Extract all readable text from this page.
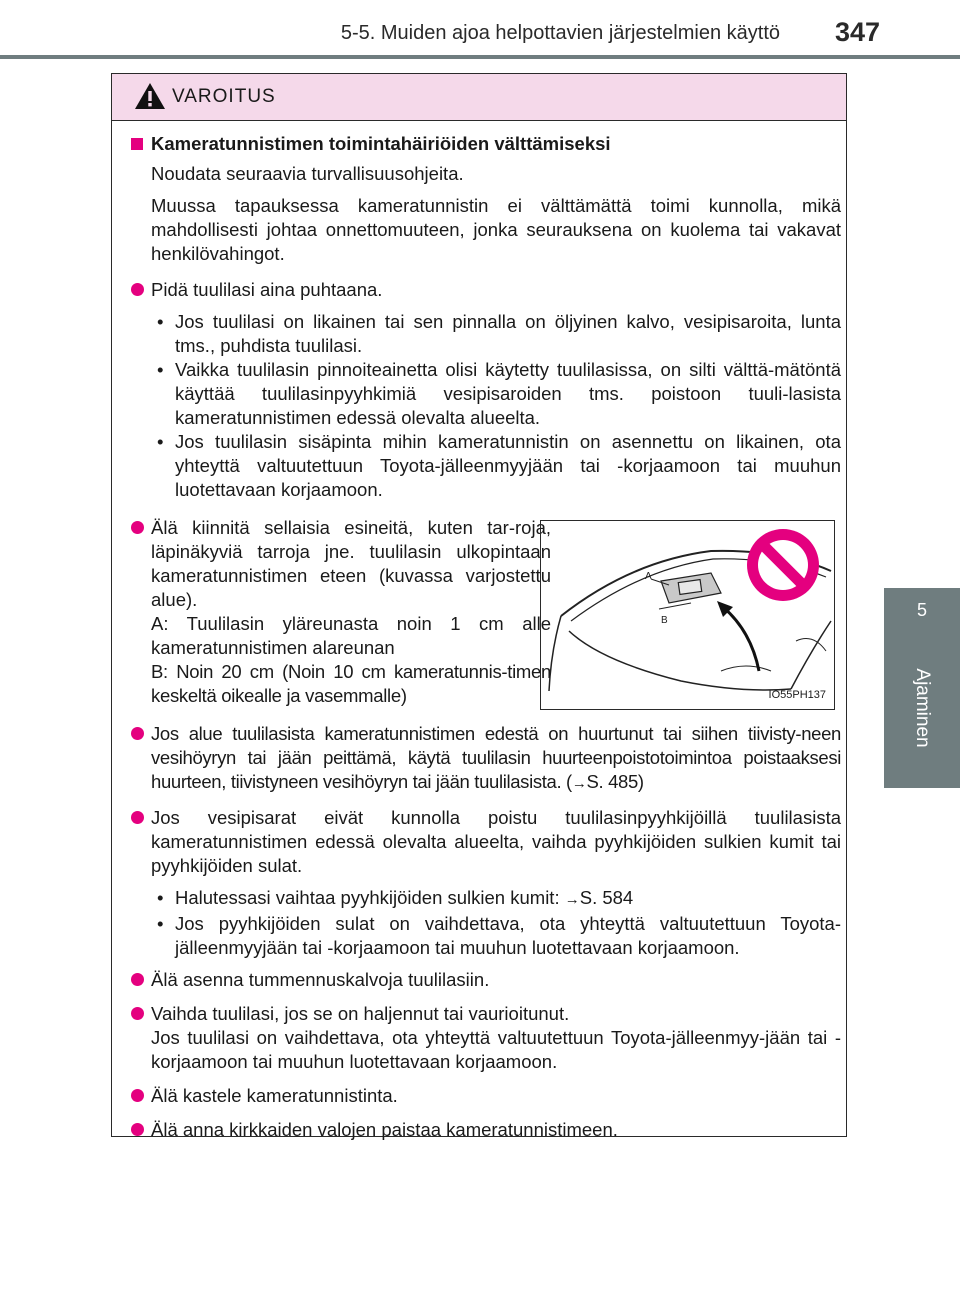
5-5. Muiden ajoa helpottavien järjestelmien käyttö 347
5
Ajaminen
VAROITUS
Kameratunnistimen toimintahäiriöiden välttämiseksi
Noudata seuraavia turvallisuusohjeita.
Muussa tapauksessa kameratunnistin ei välttämättä toimi kunnolla, mikä mahdollisesti johtaa onnettomuuteen, jonka seurauksena on kuolema tai vakavat henkilövahingot.
Pidä tuulilasi aina puhtaana.
• Jos tuulilasi on likainen tai sen pinnalla on öljyinen kalvo, vesipisaroita, lunta tms., puhdista tuulilasi.
• Vaikka tuulilasin pinnoiteainetta olisi käytetty tuulilasissa, on silti välttä-mätöntä käyttää tuulilasinpyyhkimiä vesipisaroiden tms. poistoon tuuli-lasista kameratunnistimen edessä olevalta alueelta.
• Jos tuulilasin sisäpinta mihin kameratunnistin on asennettu on likainen, ota yhteyttä valtuutettuun Toyota-jälleenmyyjään tai -korjaamoon tai muuhun luotettavaan korjaamoon.
Älä kiinnitä sellaisia esineitä, kuten tar-roja, läpinäkyviä tarroja jne. tuulilasin ulkopintaan kameratunnistimen eteen (kuvassa varjostettu alue).
A: Tuulilasin yläreunasta noin 1 cm alle kameratunnistimen alareunan
B: Noin 20 cm (Noin 10 cm kameratunnis-timen keskeltä oikealle ja vasemmalle)
A
B
IO55PH137
Jos alue tuulilasista kameratunnistimen edestä on huurtunut tai siihen tiivisty-neen vesihöyryn tai jään peittämä, käytä tuulilasin huurteenpoistotoimintoa poistaaksesi huurteen, tiivistyneen vesihöyryn tai jään tuulilasista. (→S. 485)
Jos vesipisarat eivät kunnolla poistu tuulilasinpyyhkijöillä tuulilasista kameratunnistimen edessä olevalta alueelta, vaihda pyyhkijöiden sulkien kumit tai pyyhkijöiden sulat.
• Halutessasi vaihtaa pyyhkijöiden sulkien kumit: →S. 584
• Jos pyyhkijöiden sulat on vaihdettava, ota yhteyttä valtuutettuun Toyota-jälleenmyyjään tai -korjaamoon tai muuhun luotettavaan korjaamoon.
Älä asenna tummennuskalvoja tuulilasiin.
Vaihda tuulilasi, jos se on haljennut tai vaurioitunut.
Jos tuulilasi on vaihdettava, ota yhteyttä valtuutettuun Toyota-jälleenmyy-jään tai -korjaamoon tai muuhun luotettavaan korjaamoon.
Älä kastele kameratunnistinta.
Älä anna kirkkaiden valojen paistaa kameratunnistimeen.
